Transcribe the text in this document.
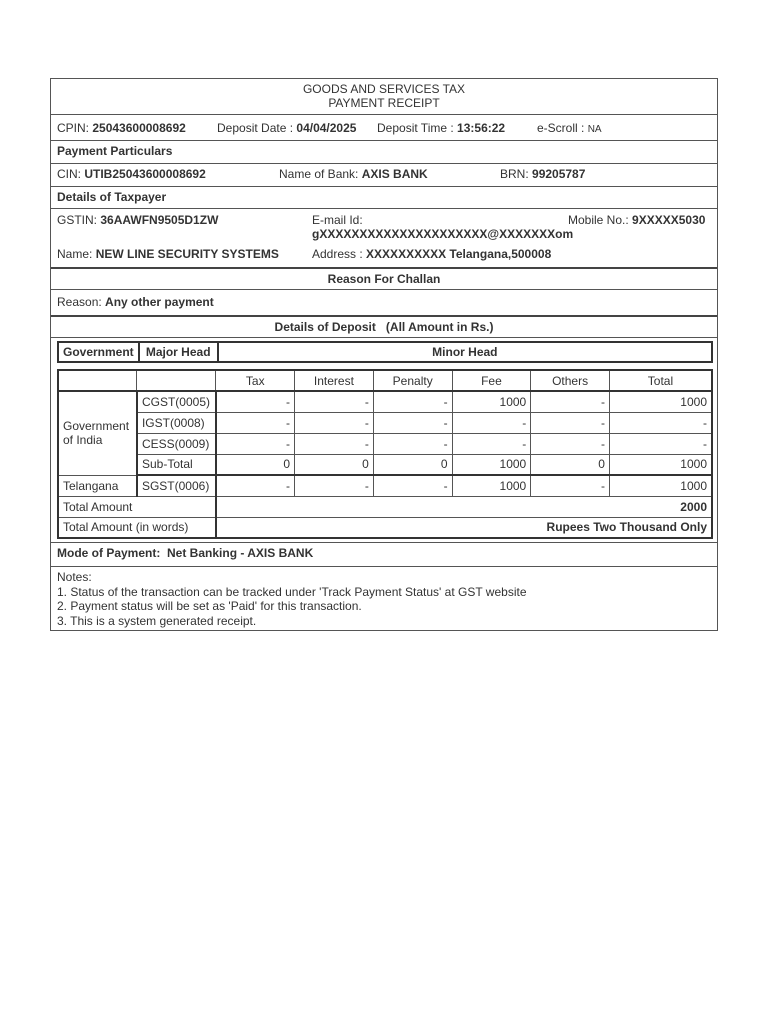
GOODS AND SERVICES TAX
PAYMENT RECEIPT
CPIN: 25043600008692	Deposit Date : 04/04/2025 Deposit Time : 13:56:22	e-Scroll : NA
Payment Particulars
CIN: UTIB25043600008692	Name of Bank: AXIS BANK	BRN: 99205787
Details of Taxpayer
GSTIN: 36AAWFN9505D1ZW	E-mail Id:
gXXXXXXXXXXXXXXXXXXXXX@XXXXXXXom
Mobile No.: 9XXXXX5030
Name: NEW LINE SECURITY SYSTEMS	Address : XXXXXXXXXX Telangana,500008
Reason For Challan
Reason: Any other payment
Details of Deposit (All Amount in Rs.)
Government	Major Head	Minor Head
		Tax	Interest	Penalty	Fee	Others	Total
Government of India	CGST(0005)	-	-	-	1000	-	1000
	IGST(0008)	-	-	-	-	-	-
	CESS(0009)	-	-	-	-	-	-
	Sub-Total	0	0	0	1000	0	1000
Telangana	SGST(0006)	-	-	-	1000	-	1000
Total Amount		2000					
Total Amount (in words)		Rupees Two Thousand Only					
Mode of Payment: Net Banking - AXIS BANK
Notes:
1. Status of the transaction can be tracked under 'Track Payment Status' at GST website
2. Payment status will be set as 'Paid' for this transaction.
3. This is a system generated receipt.
